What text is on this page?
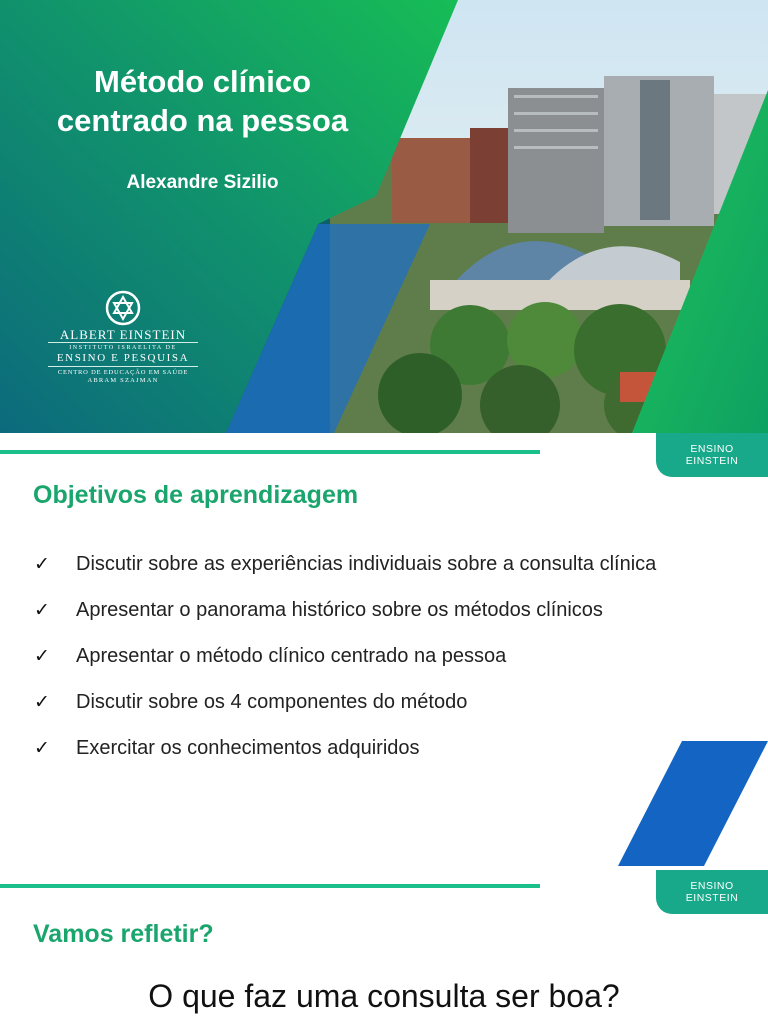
Método clínico
centrado na pessoa
Alexandre Sizilio
ALBERT EINSTEIN
INSTITUTO ISRAELITA DE
ENSINO E PESQUISA
CENTRO DE EDUCAÇÃO EM SAÚDE
ABRAM SZAJMAN
ENSINO
EINSTEIN
Objetivos de aprendizagem
✓ Discutir sobre as experiências individuais sobre a consulta clínica
✓ Apresentar o panorama histórico sobre os métodos clínicos
✓ Apresentar o método clínico centrado na pessoa
✓ Discutir sobre os 4 componentes do método
✓ Exercitar os conhecimentos adquiridos
ENSINO
EINSTEIN
Vamos refletir?
O que faz uma consulta ser boa?
